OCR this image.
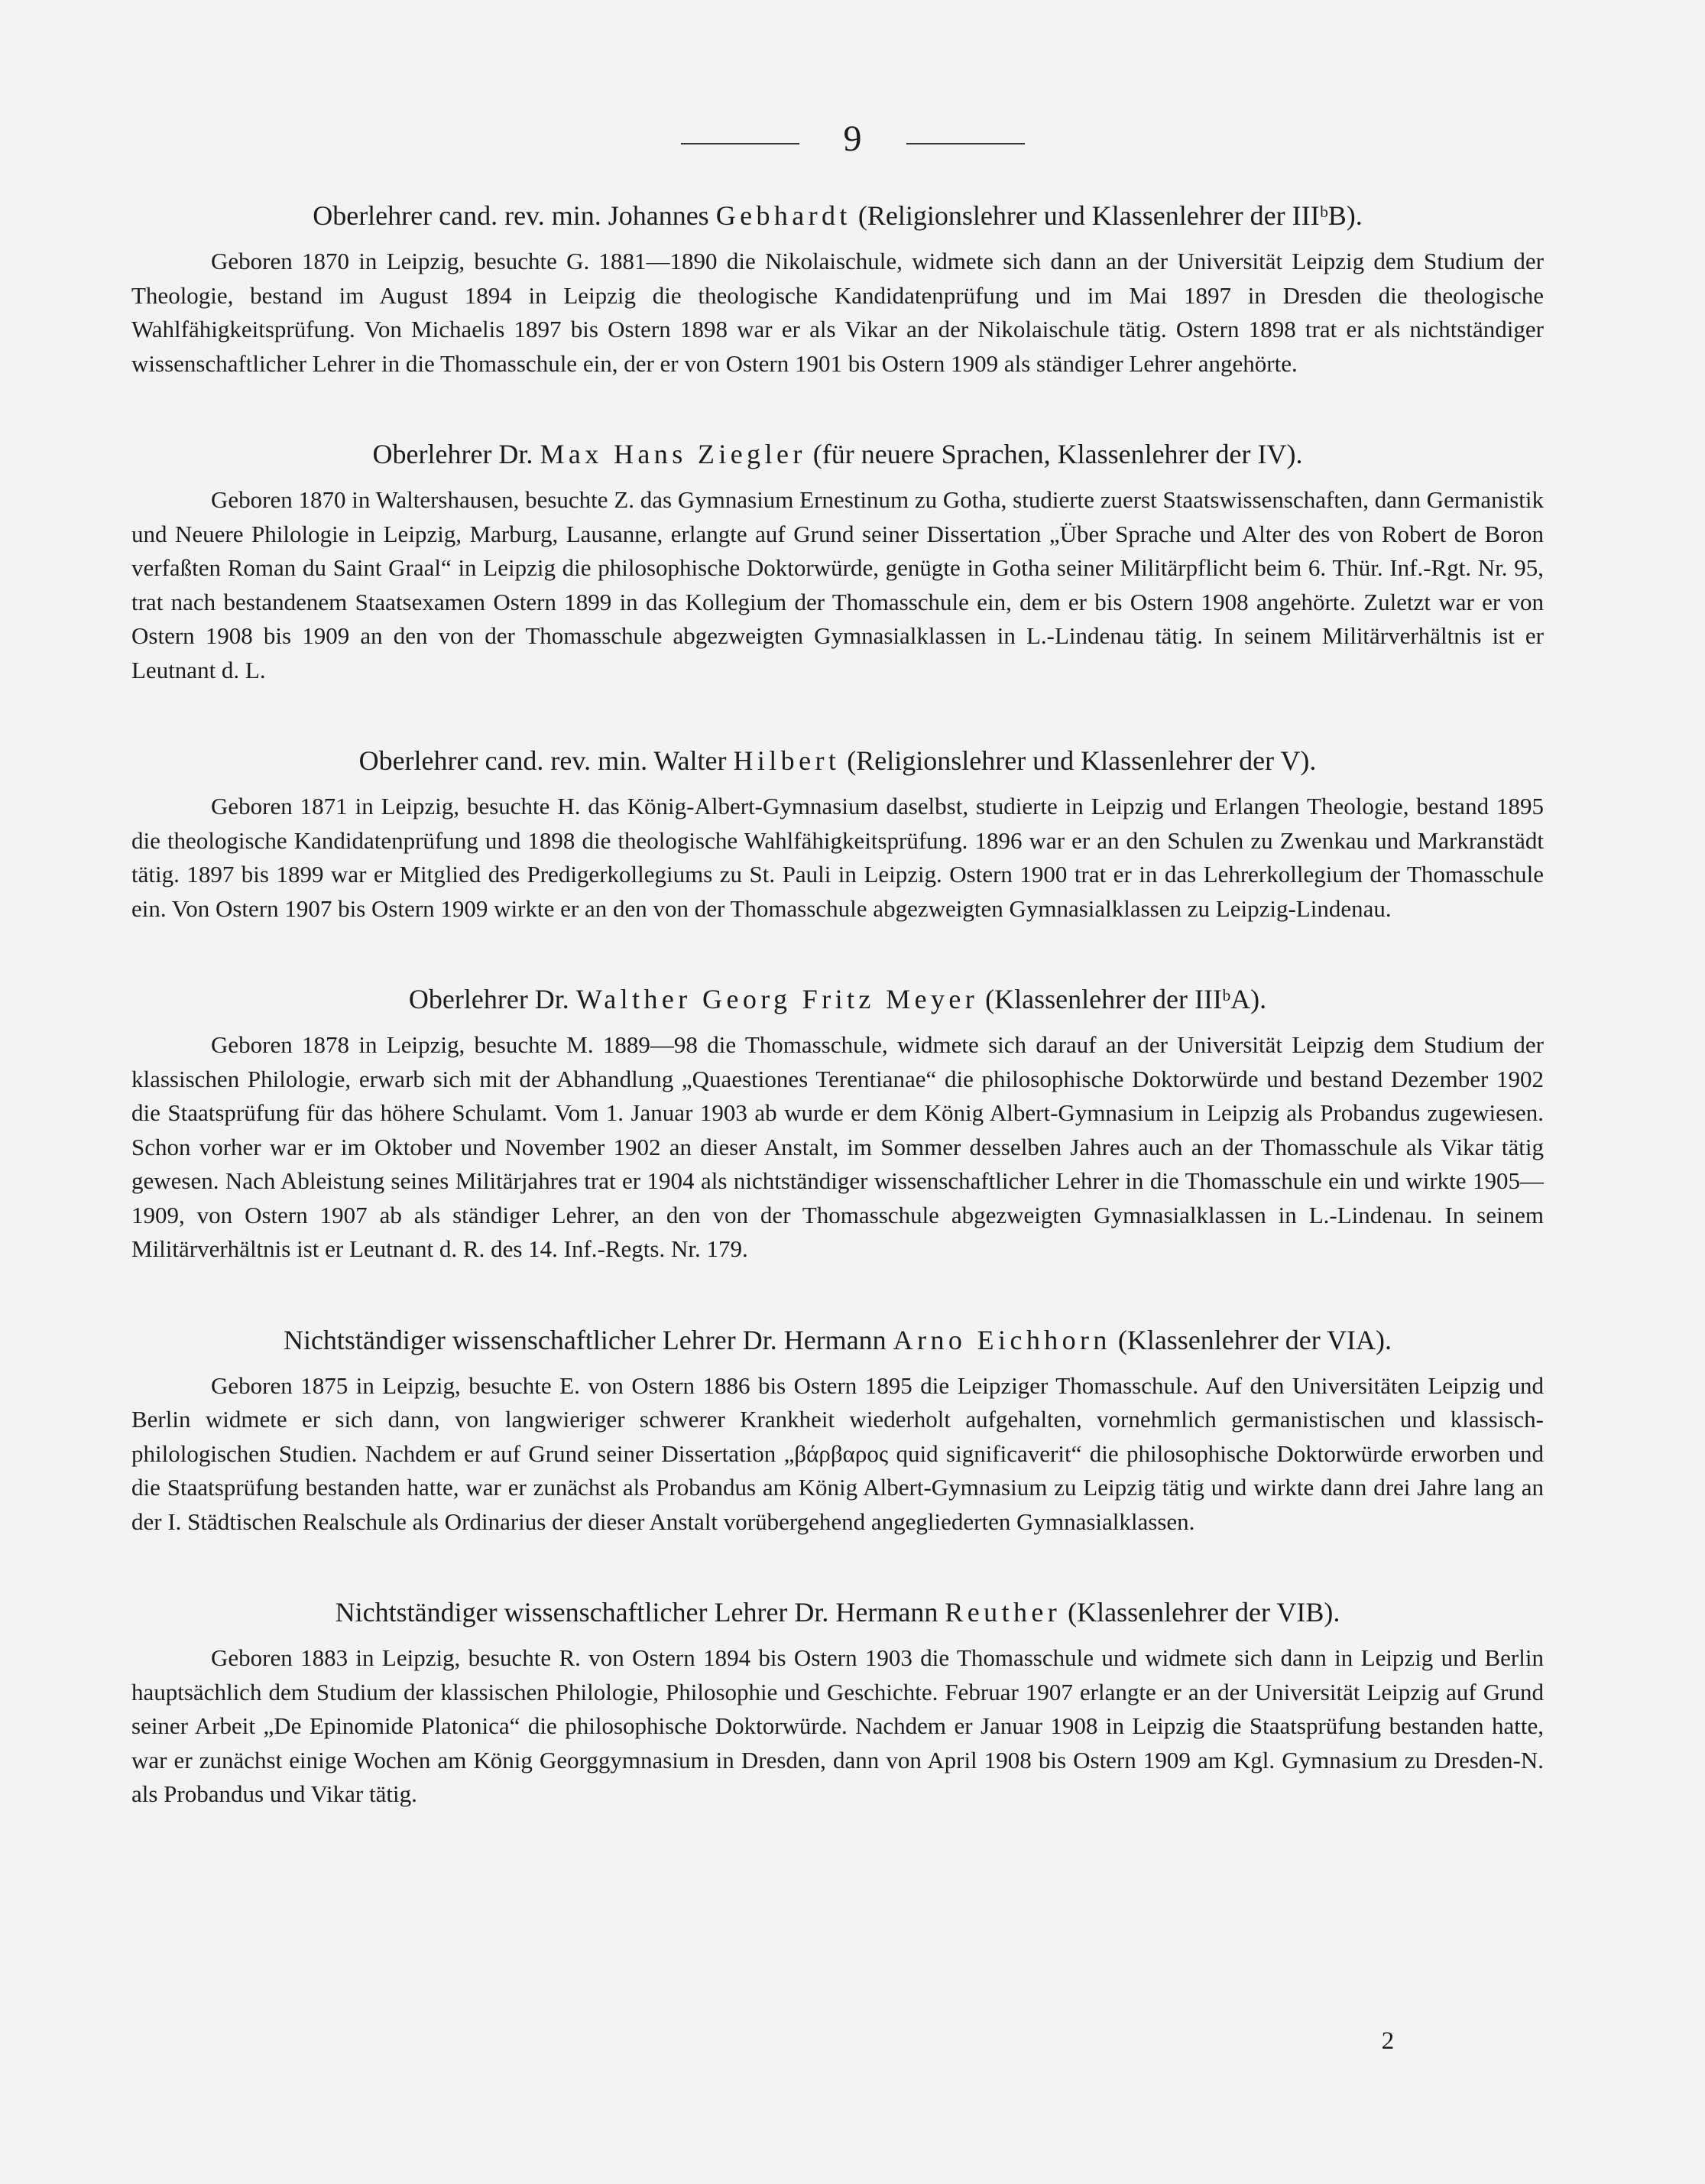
9

Oberlehrer cand. rev. min. Johannes Gebhardt (Religionslehrer und Klassenlehrer der IIIᵇB).

Geboren 1870 in Leipzig, besuchte G. 1881—1890 die Nikolaischule, widmete sich dann an der Universität Leipzig dem Studium der Theologie, bestand im August 1894 in Leipzig die theologische Kandidatenprüfung und im Mai 1897 in Dresden die theologische Wahlfähigkeitsprüfung. Von Michaelis 1897 bis Ostern 1898 war er als Vikar an der Nikolaischule tätig. Ostern 1898 trat er als nichtständiger wissenschaftlicher Lehrer in die Thomasschule ein, der er von Ostern 1901 bis Ostern 1909 als ständiger Lehrer angehörte.

Oberlehrer Dr. Max Hans Ziegler (für neuere Sprachen, Klassenlehrer der IV).

Geboren 1870 in Waltershausen, besuchte Z. das Gymnasium Ernestinum zu Gotha, studierte zuerst Staatswissenschaften, dann Germanistik und Neuere Philologie in Leipzig, Marburg, Lausanne, erlangte auf Grund seiner Dissertation „Über Sprache und Alter des von Robert de Boron verfaßten Roman du Saint Graal“ in Leipzig die philosophische Doktorwürde, genügte in Gotha seiner Militärpflicht beim 6. Thür. Inf.-Rgt. Nr. 95, trat nach bestandenem Staatsexamen Ostern 1899 in das Kollegium der Thomasschule ein, dem er bis Ostern 1908 angehörte. Zuletzt war er von Ostern 1908 bis 1909 an den von der Thomasschule abgezweigten Gymnasialklassen in L.-Lindenau tätig. In seinem Militärverhältnis ist er Leutnant d. L.

Oberlehrer cand. rev. min. Walter Hilbert (Religionslehrer und Klassenlehrer der V).

Geboren 1871 in Leipzig, besuchte H. das König-Albert-Gymnasium daselbst, studierte in Leipzig und Erlangen Theologie, bestand 1895 die theologische Kandidatenprüfung und 1898 die theologische Wahlfähigkeitsprüfung. 1896 war er an den Schulen zu Zwenkau und Markranstädt tätig. 1897 bis 1899 war er Mitglied des Predigerkollegiums zu St. Pauli in Leipzig. Ostern 1900 trat er in das Lehrerkollegium der Thomasschule ein. Von Ostern 1907 bis Ostern 1909 wirkte er an den von der Thomasschule abgezweigten Gymnasialklassen zu Leipzig-Lindenau.

Oberlehrer Dr. Walther Georg Fritz Meyer (Klassenlehrer der IIIᵇA).

Geboren 1878 in Leipzig, besuchte M. 1889—98 die Thomasschule, widmete sich darauf an der Universität Leipzig dem Studium der klassischen Philologie, erwarb sich mit der Abhandlung „Quaestiones Terentianae“ die philosophische Doktorwürde und bestand Dezember 1902 die Staatsprüfung für das höhere Schulamt. Vom 1. Januar 1903 ab wurde er dem König Albert-Gymnasium in Leipzig als Probandus zugewiesen. Schon vorher war er im Oktober und November 1902 an dieser Anstalt, im Sommer desselben Jahres auch an der Thomasschule als Vikar tätig gewesen. Nach Ableistung seines Militärjahres trat er 1904 als nichtständiger wissenschaftlicher Lehrer in die Thomasschule ein und wirkte 1905—1909, von Ostern 1907 ab als ständiger Lehrer, an den von der Thomasschule abgezweigten Gymnasialklassen in L.-Lindenau. In seinem Militärverhältnis ist er Leutnant d. R. des 14. Inf.-Regts. Nr. 179.

Nichtständiger wissenschaftlicher Lehrer Dr. Hermann Arno Eichhorn (Klassenlehrer der VIA).

Geboren 1875 in Leipzig, besuchte E. von Ostern 1886 bis Ostern 1895 die Leipziger Thomasschule. Auf den Universitäten Leipzig und Berlin widmete er sich dann, von langwieriger schwerer Krankheit wiederholt aufgehalten, vornehmlich germanistischen und klassisch-philologischen Studien. Nachdem er auf Grund seiner Dissertation „βάρβαρος quid significaverit“ die philosophische Doktorwürde erworben und die Staatsprüfung bestanden hatte, war er zunächst als Probandus am König Albert-Gymnasium zu Leipzig tätig und wirkte dann drei Jahre lang an der I. Städtischen Realschule als Ordinarius der dieser Anstalt vorübergehend angegliederten Gymnasialklassen.

Nichtständiger wissenschaftlicher Lehrer Dr. Hermann Reuther (Klassenlehrer der VIB).

Geboren 1883 in Leipzig, besuchte R. von Ostern 1894 bis Ostern 1903 die Thomasschule und widmete sich dann in Leipzig und Berlin hauptsächlich dem Studium der klassischen Philologie, Philosophie und Geschichte. Februar 1907 erlangte er an der Universität Leipzig auf Grund seiner Arbeit „De Epinomide Platonica“ die philosophische Doktorwürde. Nachdem er Januar 1908 in Leipzig die Staatsprüfung bestanden hatte, war er zunächst einige Wochen am König Georggymnasium in Dresden, dann von April 1908 bis Ostern 1909 am Kgl. Gymnasium zu Dresden-N. als Probandus und Vikar tätig.

2
